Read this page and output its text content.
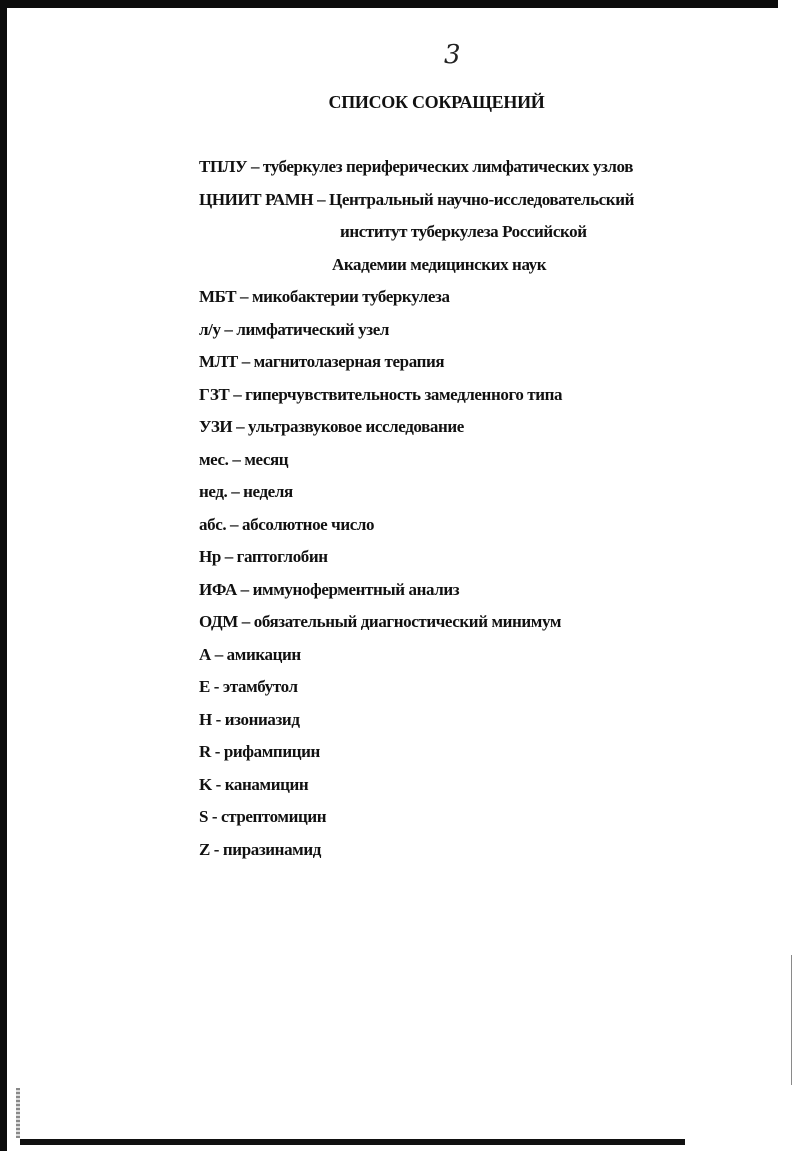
3
СПИСОК СОКРАЩЕНИЙ
ТПЛУ – туберкулез периферических лимфатических узлов
ЦНИИТ РАМН – Центральный научно-исследовательский
институт туберкулеза Российской
Академии медицинских наук
МБТ – микобактерии туберкулеза
л/у – лимфатический узел
МЛТ – магнитолазерная терапия
ГЗТ – гиперчувствительность замедленного типа
УЗИ – ультразвуковое исследование
мес. – месяц
нед. – неделя
абс. – абсолютное число
Hp – гаптоглобин
ИФА – иммуноферментный анализ
ОДМ – обязательный диагностический минимум
А – амикацин
Е - этамбутол
Н - изониазид
R - рифампицин
K - канамицин
S - стрептомицин
Z - пиразинамид
